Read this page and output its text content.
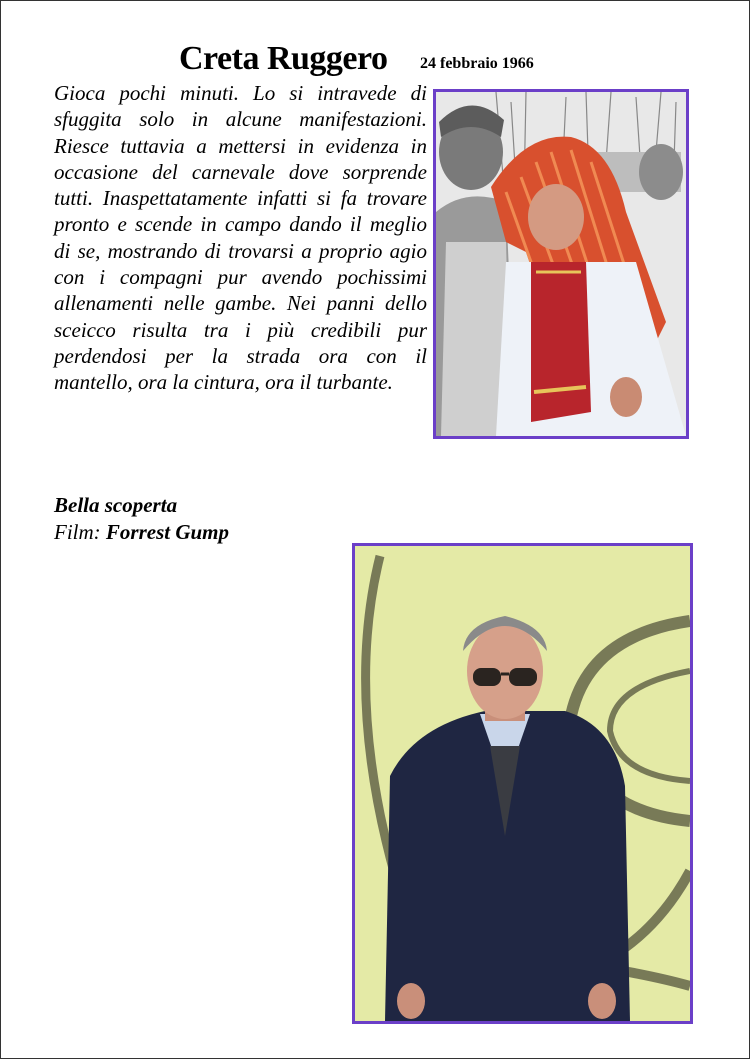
Creta Ruggero 24 febbraio 1966
Gioca pochi minuti. Lo si intravede di sfuggita solo in alcune manifestazioni. Riesce tuttavia a mettersi in evidenza in occasione del carnevale dove sorprende tutti. Inaspettatamente infatti si fa trovare pronto e scende in campo dando il meglio di se, mostrando di trovarsi a proprio agio con i compagni pur avendo pochissimi allenamenti nelle gambe. Nei panni dello sceicco risulta tra i più credibili pur perdendosi per la strada ora con il mantello, ora la cintura, ora il turbante.
Bella scoperta
Film: Forrest Gump
